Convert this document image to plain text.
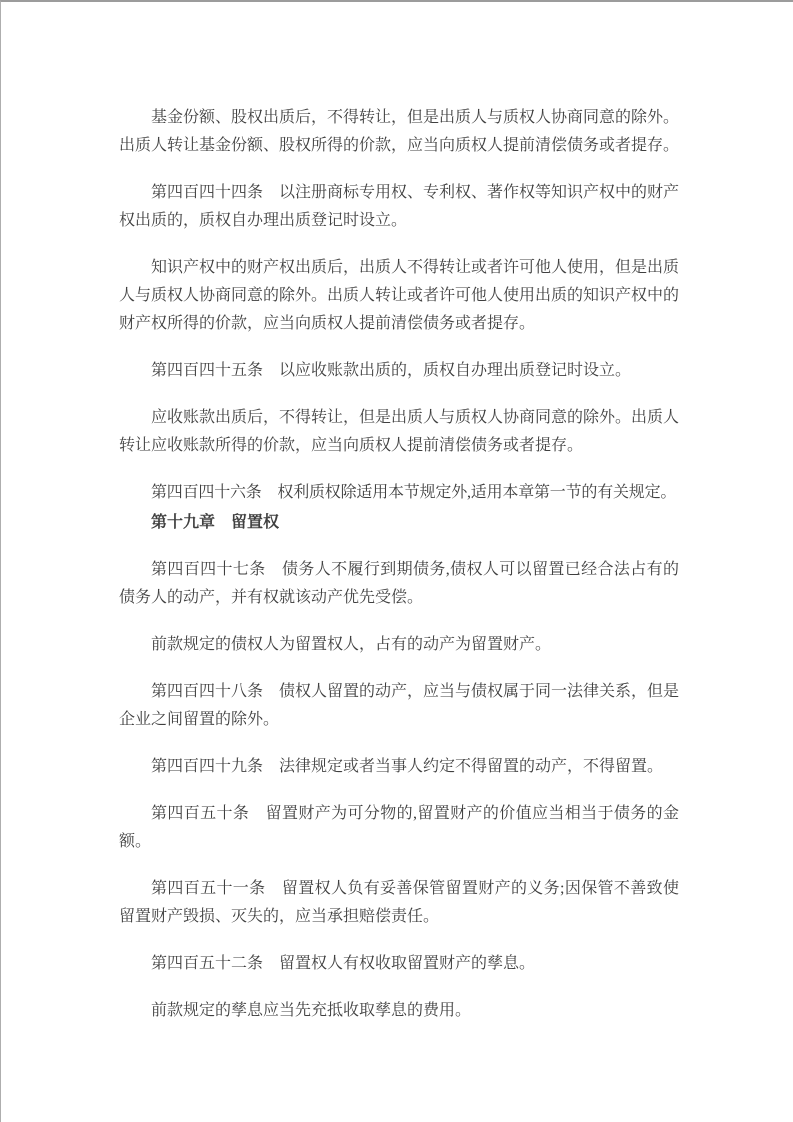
基金份额、股权出质后，不得转让，但是出质人与质权人协商同意的除外。出质人转让基金份额、股权所得的价款，应当向质权人提前清偿债务或者提存。

第四百四十四条　以注册商标专用权、专利权、著作权等知识产权中的财产权出质的，质权自办理出质登记时设立。

知识产权中的财产权出质后，出质人不得转让或者许可他人使用，但是出质人与质权人协商同意的除外。出质人转让或者许可他人使用出质的知识产权中的财产权所得的价款，应当向质权人提前清偿债务或者提存。

第四百四十五条　以应收账款出质的，质权自办理出质登记时设立。

应收账款出质后，不得转让，但是出质人与质权人协商同意的除外。出质人转让应收账款所得的价款，应当向质权人提前清偿债务或者提存。

第四百四十六条　权利质权除适用本节规定外,适用本章第一节的有关规定。

第十九章　留置权

第四百四十七条　债务人不履行到期债务,债权人可以留置已经合法占有的债务人的动产，并有权就该动产优先受偿。

前款规定的债权人为留置权人，占有的动产为留置财产。

第四百四十八条　债权人留置的动产，应当与债权属于同一法律关系，但是企业之间留置的除外。

第四百四十九条　法律规定或者当事人约定不得留置的动产，不得留置。

第四百五十条　留置财产为可分物的,留置财产的价值应当相当于债务的金额。

第四百五十一条　留置权人负有妥善保管留置财产的义务;因保管不善致使留置财产毁损、灭失的，应当承担赔偿责任。

第四百五十二条　留置权人有权收取留置财产的孳息。

前款规定的孳息应当先充抵收取孳息的费用。
